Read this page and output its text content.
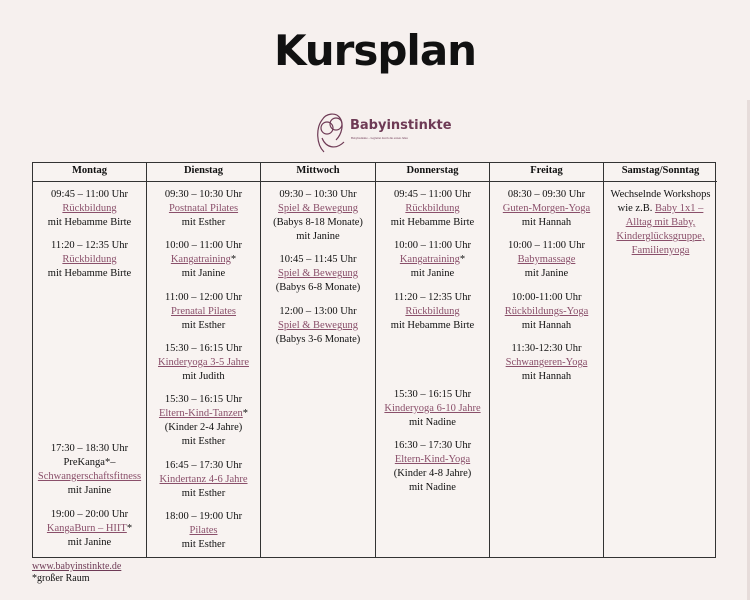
Kursplan
Babyinstinkte
Babyinstinkte – begleitet durch die ersten Jahre
Montag
09:45 – 11:00 Uhr
Rückbildung
mit Hebamme Birte
11:20 – 12:35 Uhr
Rückbildung
mit Hebamme Birte
17:30 – 18:30 Uhr
PreKanga*–
Schwangerschaftsfitness
mit Janine
19:00 – 20:00 Uhr
KangaBurn – HIIT*
mit Janine
Dienstag
09:30 – 10:30 Uhr
Postnatal Pilates
mit Esther
10:00 – 11:00 Uhr
Kangatraining*
mit Janine
11:00 – 12:00 Uhr
Prenatal Pilates
mit Esther
15:30 – 16:15 Uhr
Kinderyoga 3-5 Jahre
mit Judith
15:30 – 16:15 Uhr
Eltern-Kind-Tanzen*
(Kinder 2-4 Jahre)
mit Esther
16:45 – 17:30 Uhr
Kindertanz 4-6 Jahre
mit Esther
18:00 – 19:00 Uhr
Pilates
mit Esther
Mittwoch
09:30 – 10:30 Uhr
Spiel & Bewegung
(Babys 8-18 Monate)
mit Janine
10:45 – 11:45 Uhr
Spiel & Bewegung
(Babys 6-8 Monate)
12:00 – 13:00 Uhr
Spiel & Bewegung
(Babys 3-6 Monate)
Donnerstag
09:45 – 11:00 Uhr
Rückbildung
mit Hebamme Birte
10:00 – 11:00 Uhr
Kangatraining*
mit Janine
11:20 – 12:35 Uhr
Rückbildung
mit Hebamme Birte
15:30 – 16:15 Uhr
Kinderyoga 6-10 Jahre
mit Nadine
16:30 – 17:30 Uhr
Eltern-Kind-Yoga
(Kinder 4-8 Jahre)
mit Nadine
Freitag
08:30 – 09:30 Uhr
Guten-Morgen-Yoga
mit Hannah
10:00 – 11:00 Uhr
Babymassage
mit Janine
10:00-11:00 Uhr
Rückbildungs-Yoga
mit Hannah
11:30-12:30 Uhr
Schwangeren-Yoga
mit Hannah
Samstag/Sonntag
Wechselnde Workshops
wie z.B. Baby 1x1 – Alltag mit Baby, Kinderglücksgruppe, Familienyoga
www.babyinstinkte.de
*großer Raum
